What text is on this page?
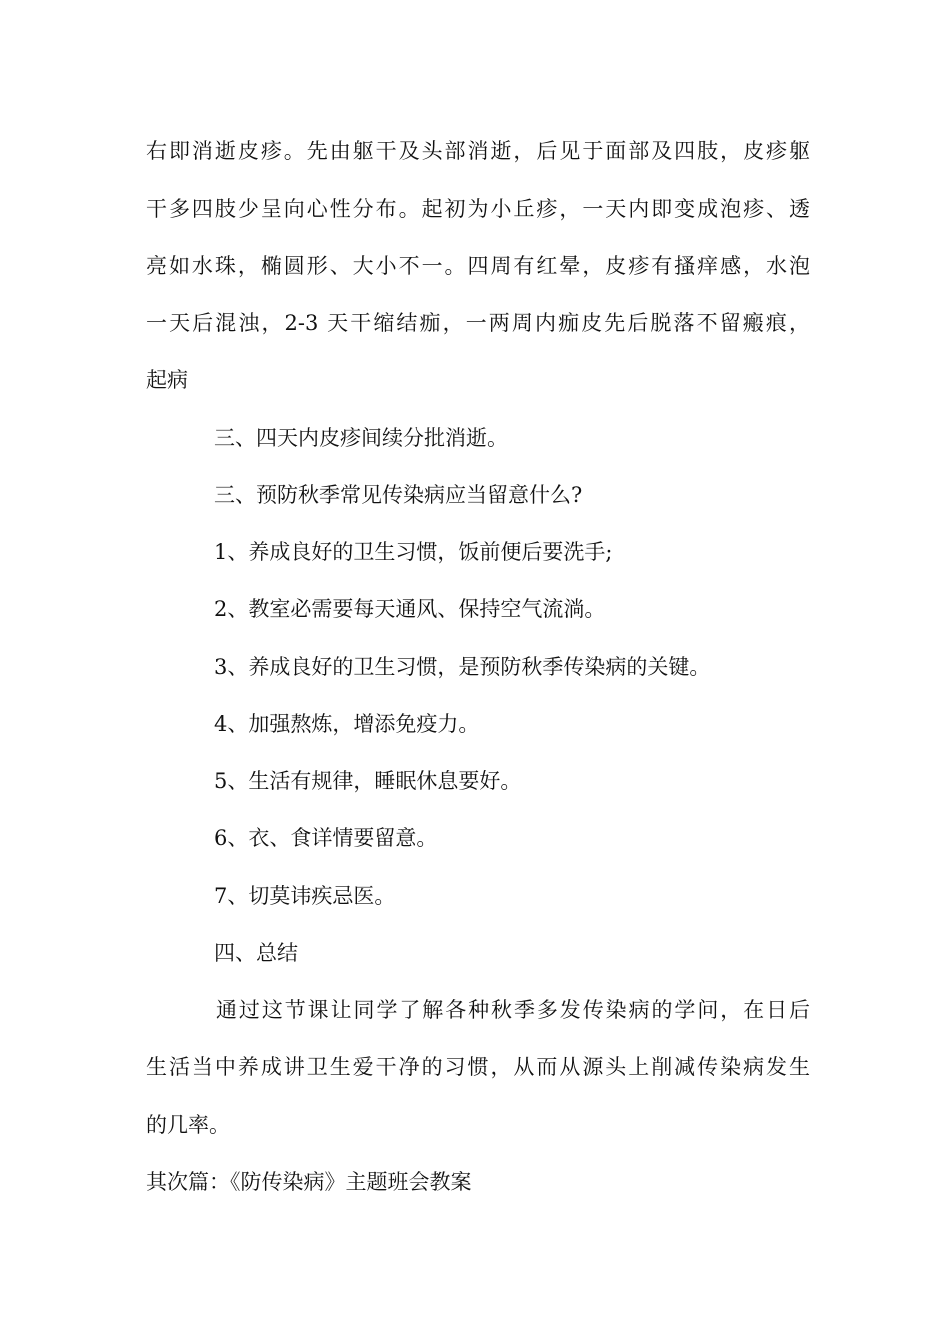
右即消逝皮疹。先由躯干及头部消逝，后见于面部及四肢，皮疹躯
干多四肢少呈向心性分布。起初为小丘疹，一天内即变成泡疹、透
亮如水珠，椭圆形、大小不一。四周有红晕，皮疹有搔痒感，水泡
一天后混浊，2-3 天干缩结痂，一两周内痂皮先后脱落不留瘢痕，
起病
三、四天内皮疹间续分批消逝。
三、预防秋季常见传染病应当留意什么?
1、养成良好的卫生习惯，饭前便后要洗手;
2、教室必需要每天通风、保持空气流淌。
3、养成良好的卫生习惯，是预防秋季传染病的关键。
4、加强熬炼，增添免疫力。
5、生活有规律，睡眠休息要好。
6、衣、食详情要留意。
7、切莫讳疾忌医。
四、总结
通过这节课让同学了解各种秋季多发传染病的学问，在日后
生活当中养成讲卫生爱干净的习惯，从而从源头上削减传染病发生
的几率。
其次篇：《防传染病》主题班会教案
